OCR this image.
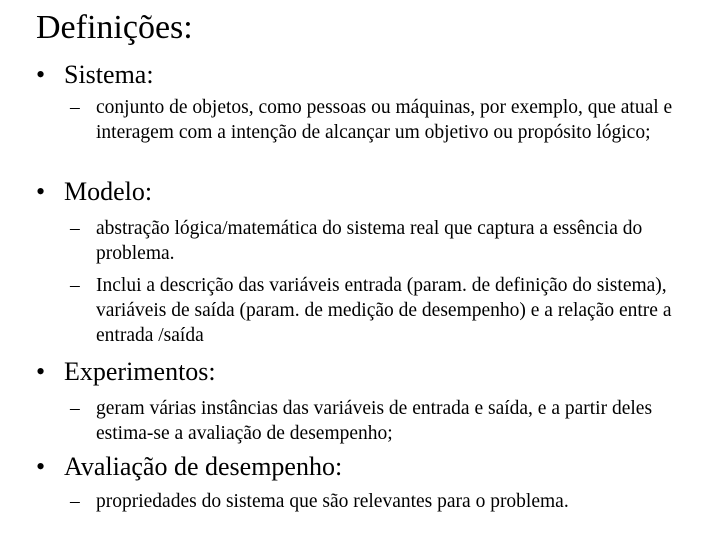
Definições:
• Sistema:
– conjunto de objetos, como pessoas ou máquinas, por exemplo, que atual e interagem com a intenção de alcançar um objetivo ou propósito lógico;
• Modelo:
– abstração lógica/matemática do sistema real que captura a essência do problema.
– Inclui a descrição das variáveis entrada (param. de definição do sistema), variáveis de saída (param. de medição de desempenho) e a relação entre a entrada /saída
• Experimentos:
– geram várias instâncias das variáveis de entrada e saída, e a partir deles estima-se a avaliação de desempenho;
• Avaliação de desempenho:
– propriedades do sistema que são relevantes para o problema.
